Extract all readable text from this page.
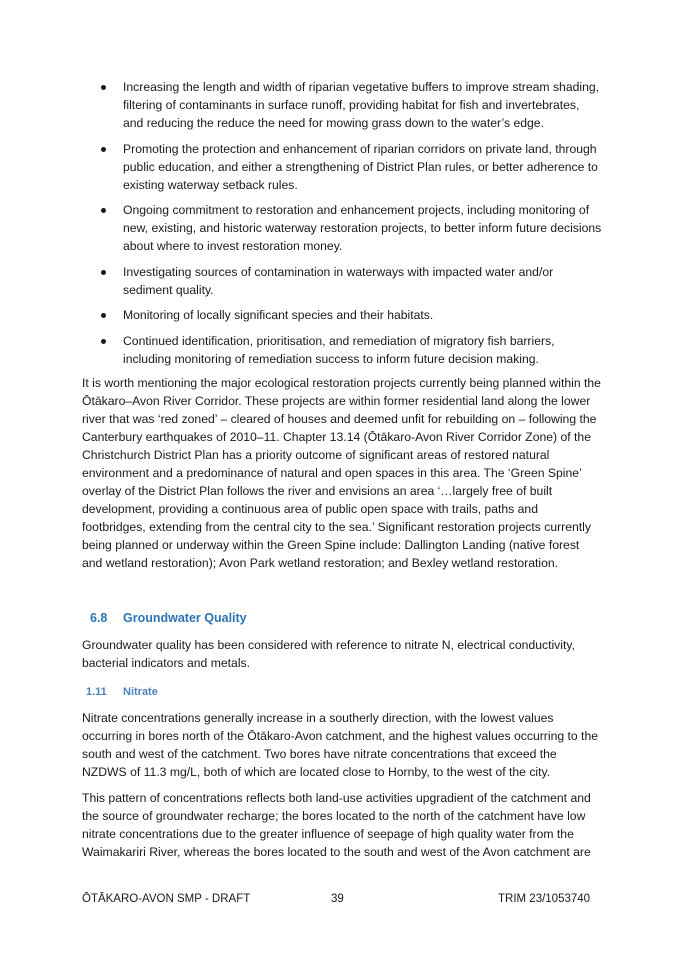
Increasing the length and width of riparian vegetative buffers to improve stream shading, filtering of contaminants in surface runoff, providing habitat for fish and invertebrates, and reducing the reduce the need for mowing grass down to the water’s edge.
Promoting the protection and enhancement of riparian corridors on private land, through public education, and either a strengthening of District Plan rules, or better adherence to existing waterway setback rules.
Ongoing commitment to restoration and enhancement projects, including monitoring of new, existing, and historic waterway restoration projects, to better inform future decisions about where to invest restoration money.
Investigating sources of contamination in waterways with impacted water and/or sediment quality.
Monitoring of locally significant species and their habitats.
Continued identification, prioritisation, and remediation of migratory fish barriers, including monitoring of remediation success to inform future decision making.

It is worth mentioning the major ecological restoration projects currently being planned within the Ōtākaro–Avon River Corridor. These projects are within former residential land along the lower river that was ‘red zoned’ – cleared of houses and deemed unfit for rebuilding on – following the Canterbury earthquakes of 2010–11. Chapter 13.14 (Ōtākaro-Avon River Corridor Zone) of the Christchurch District Plan has a priority outcome of significant areas of restored natural environment and a predominance of natural and open spaces in this area. The ‘Green Spine’ overlay of the District Plan follows the river and envisions an area ‘…largely free of built development, providing a continuous area of public open space with trails, paths and footbridges, extending from the central city to the sea.’ Significant restoration projects currently being planned or underway within the Green Spine include: Dallington Landing (native forest and wetland restoration); Avon Park wetland restoration; and Bexley wetland restoration.

6.8 Groundwater Quality

Groundwater quality has been considered with reference to nitrate N, electrical conductivity, bacterial indicators and metals.

1.11 Nitrate

Nitrate concentrations generally increase in a southerly direction, with the lowest values occurring in bores north of the Ōtākaro-Avon catchment, and the highest values occurring to the south and west of the catchment. Two bores have nitrate concentrations that exceed the NZDWS of 11.3 mg/L, both of which are located close to Hornby, to the west of the city.

This pattern of concentrations reflects both land-use activities upgradient of the catchment and the source of groundwater recharge; the bores located to the north of the catchment have low nitrate concentrations due to the greater influence of seepage of high quality water from the Waimakariri River, whereas the bores located to the south and west of the Avon catchment are

ŌTĀKARO-AVON SMP - DRAFT	39	TRIM 23/1053740
